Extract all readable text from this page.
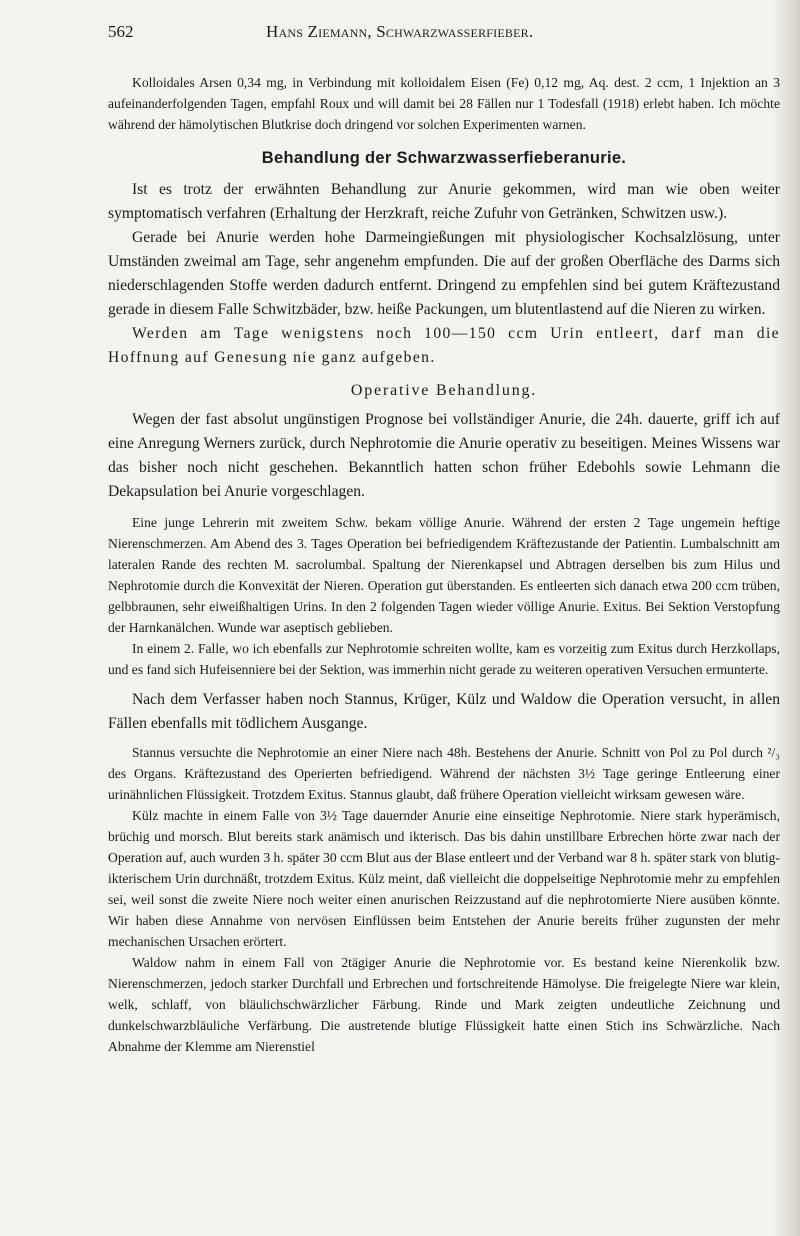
562	Hans Ziemann, Schwarzwasserfieber.

Kolloidales Arsen 0,34 mg, in Verbindung mit kolloidalem Eisen (Fe) 0,12 mg, Aq. dest. 2 ccm, 1 Injektion an 3 aufeinanderfolgenden Tagen, empfahl Roux und will damit bei 28 Fällen nur 1 Todesfall (1918) erlebt haben. Ich möchte während der hämolytischen Blutkrise doch dringend vor solchen Experimenten warnen.

Behandlung der Schwarzwasserfieberanurie.

Ist es trotz der erwähnten Behandlung zur Anurie gekommen, wird man wie oben weiter symptomatisch verfahren (Erhaltung der Herzkraft, reiche Zufuhr von Getränken, Schwitzen usw.).

Gerade bei Anurie werden hohe Darmeingießungen mit physiologischer Kochsalzlösung, unter Umständen zweimal am Tage, sehr angenehm empfunden. Die auf der großen Oberfläche des Darms sich niederschlagenden Stoffe werden dadurch entfernt. Dringend zu empfehlen sind bei gutem Kräftezustand gerade in diesem Falle Schwitzbäder, bzw. heiße Packungen, um blutentlastend auf die Nieren zu wirken.

Werden am Tage wenigstens noch 100—150 ccm Urin entleert, darf man die Hoffnung auf Genesung nie ganz aufgeben.

Operative Behandlung.

Wegen der fast absolut ungünstigen Prognose bei vollständiger Anurie, die 24h. dauerte, griff ich auf eine Anregung Werners zurück, durch Nephrotomie die Anurie operativ zu beseitigen. Meines Wissens war das bisher noch nicht geschehen. Bekanntlich hatten schon früher Edebohls sowie Lehmann die Dekapsulation bei Anurie vorgeschlagen.

Eine junge Lehrerin mit zweitem Schw. bekam völlige Anurie. Während der ersten 2 Tage ungemein heftige Nierenschmerzen. Am Abend des 3. Tages Operation bei befriedigendem Kräftezustande der Patientin. Lumbalschnitt am lateralen Rande des rechten M. sacrolumbal. Spaltung der Nierenkapsel und Abtragen derselben bis zum Hilus und Nephrotomie durch die Konvexität der Nieren. Operation gut überstanden. Es entleerten sich danach etwa 200 ccm trüben, gelbbraunen, sehr eiweißhaltigen Urins. In den 2 folgenden Tagen wieder völlige Anurie. Exitus. Bei Sektion Verstopfung der Harnkanälchen. Wunde war aseptisch geblieben.

In einem 2. Falle, wo ich ebenfalls zur Nephrotomie schreiten wollte, kam es vorzeitig zum Exitus durch Herzkollaps, und es fand sich Hufeisenniere bei der Sektion, was immerhin nicht gerade zu weiteren operativen Versuchen ermunterte.

Nach dem Verfasser haben noch Stannus, Krüger, Külz und Waldow die Operation versucht, in allen Fällen ebenfalls mit tödlichem Ausgange.

Stannus versuchte die Nephrotomie an einer Niere nach 48h. Bestehens der Anurie. Schnitt von Pol zu Pol durch ²/₃ des Organs. Kräftezustand des Operierten befriedigend. Während der nächsten 3½ Tage geringe Entleerung einer urinähnlichen Flüssigkeit. Trotzdem Exitus. Stannus glaubt, daß frühere Operation vielleicht wirksam gewesen wäre.

Külz machte in einem Falle von 3½ Tage dauernder Anurie eine einseitige Nephrotomie. Niere stark hyperämisch, brüchig und morsch. Blut bereits stark anämisch und ikterisch. Das bis dahin unstillbare Erbrechen hörte zwar nach der Operation auf, auch wurden 3 h. später 30 ccm Blut aus der Blase entleert und der Verband war 8 h. später stark von blutig-ikterischem Urin durchnäßt, trotzdem Exitus. Külz meint, daß vielleicht die doppelseitige Nephrotomie mehr zu empfehlen sei, weil sonst die zweite Niere noch weiter einen anurischen Reizzustand auf die nephrotomierte Niere ausüben könnte. Wir haben diese Annahme von nervösen Einflüssen beim Entstehen der Anurie bereits früher zugunsten der mehr mechanischen Ursachen erörtert.

Waldow nahm in einem Fall von 2tägiger Anurie die Nephrotomie vor. Es bestand keine Nierenkolik bzw. Nierenschmerzen, jedoch starker Durchfall und Erbrechen und fortschreitende Hämolyse. Die freigelegte Niere war klein, welk, schlaff, von bläulichschwärzlicher Färbung. Rinde und Mark zeigten undeutliche Zeichnung und dunkelschwarzbläuliche Verfärbung. Die austretende blutige Flüssigkeit hatte einen Stich ins Schwärzliche. Nach Abnahme der Klemme am Nierenstiel
